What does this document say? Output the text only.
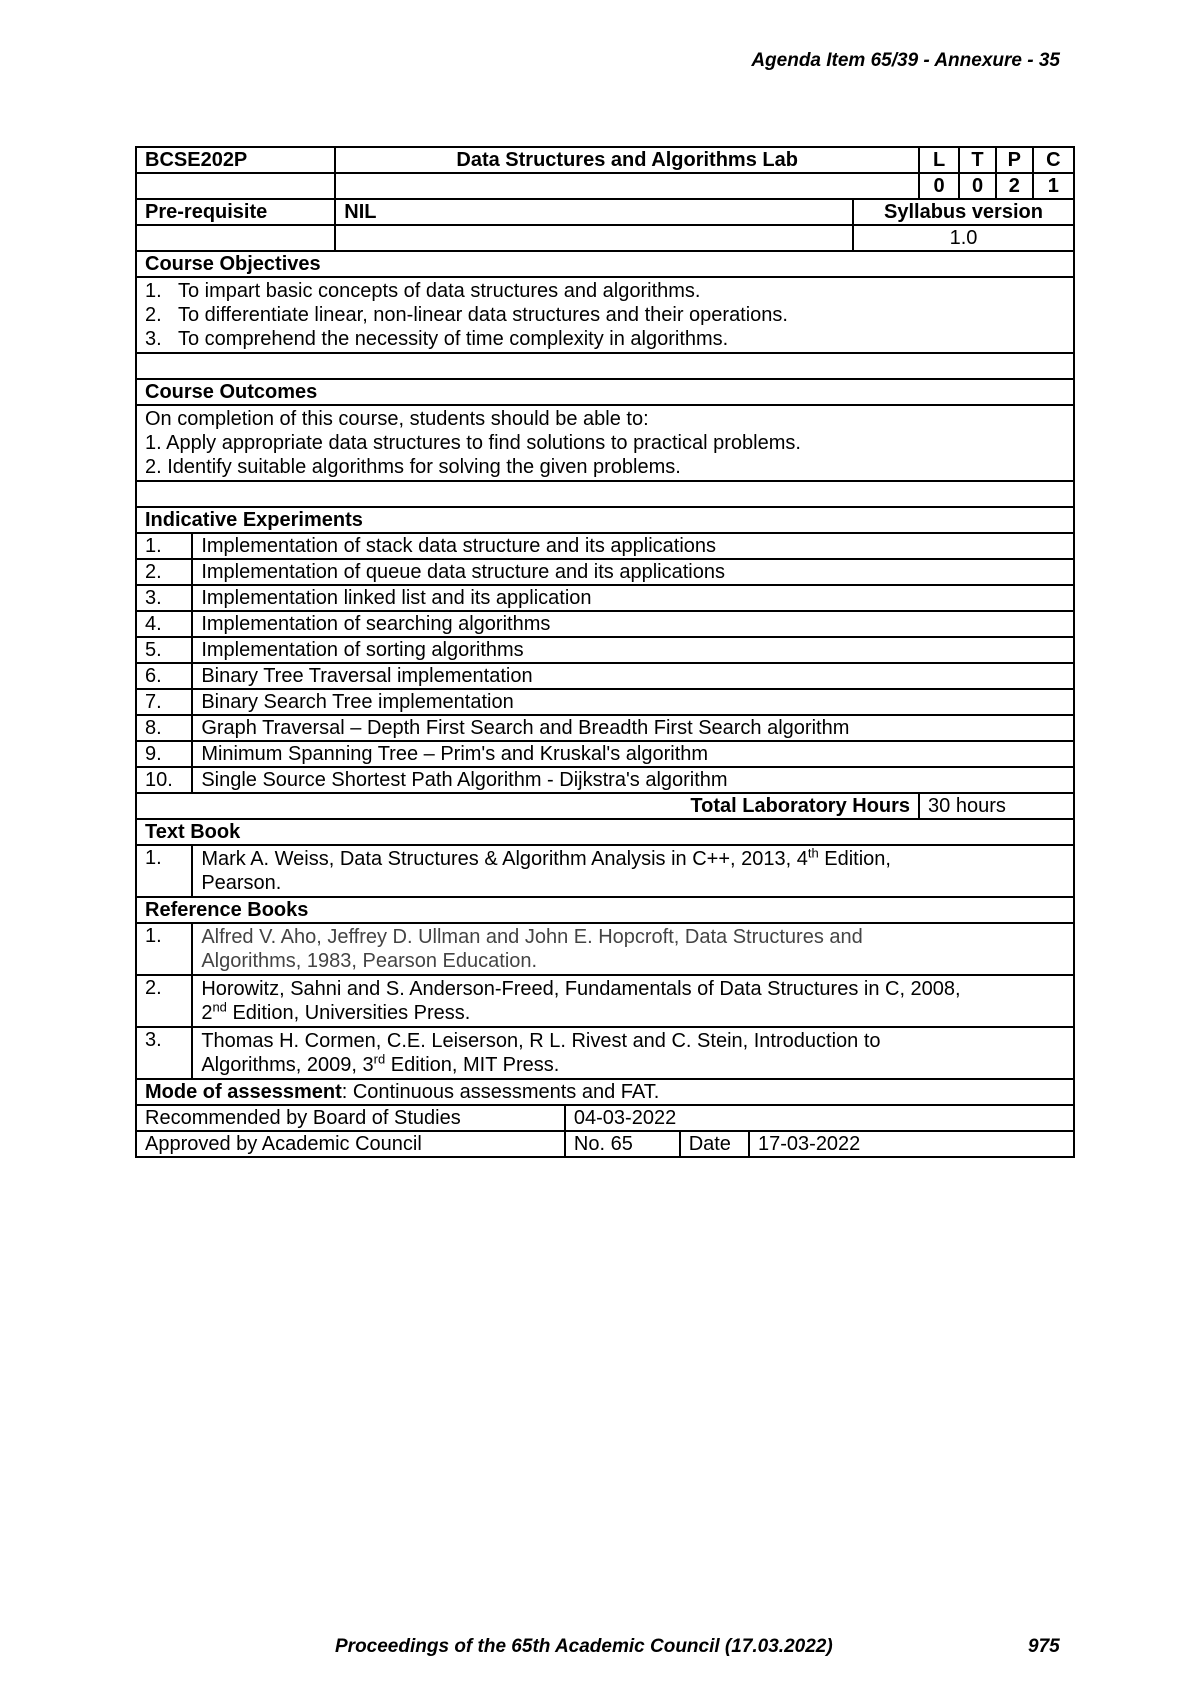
Agenda Item 65/39 - Annexure - 35
BCSE202P		Data Structures and Algorithms Lab					L	T	P	C
							0	0	2	1
Pre-requisite		NIL				Syllabus version				
						1.0				
Course Objectives										

1.   To impart basic concepts of data structures and algorithms.
2.   To differentiate linear, non-linear data structures and their operations.
3.   To comprehend the necessity of time complexity in algorithms.										

Course Outcomes										

On completion of this course, students should be able to:
1. Apply appropriate data structures to find solutions to practical problems.
2. Identify suitable algorithms for solving the given problems.										

Indicative Experiments										
1.	Implementation of stack data structure and its applications									
2.	Implementation of queue data structure and its applications									
3.	Implementation linked list and its application									
4.	Implementation of searching algorithms									
5.	Implementation of sorting algorithms									
6.	Binary Tree Traversal implementation									
7.	Binary Search Tree implementation									
8.	Graph Traversal – Depth First Search and Breadth First Search algorithm									
9.	Minimum Spanning Tree – Prim's and Kruskal's algorithm									
10.	Single Source Shortest Path Algorithm - Dijkstra's algorithm									
Total Laboratory Hours							30 hours			
Text Book										
1.	Mark A. Weiss, Data Structures & Algorithm Analysis in C++, 2013, 4th Edition,
Pearson.									

Reference Books										
1.	Alfred V. Aho, Jeffrey D. Ullman and John E. Hopcroft, Data Structures and
Algorithms, 1983, Pearson Education.									

2.	Horowitz, Sahni and S. Anderson-Freed, Fundamentals of Data Structures in C, 2008,
2nd Edition, Universities Press.									

3.	Thomas H. Cormen, C.E. Leiserson, R L. Rivest and C. Stein, Introduction to
Algorithms, 2009, 3rd Edition, MIT Press.									

Mode of assessment: Continuous assessments and FAT.										
Recommended by Board of Studies			04-03-2022							
Approved by Academic Council			No. 65	Date	17-03-2022					
Proceedings of the 65th Academic Council (17.03.2022)	975
